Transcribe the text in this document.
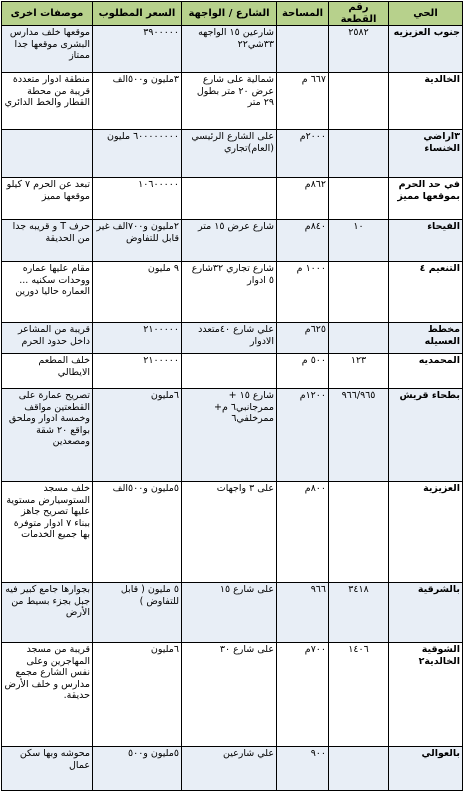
الحي	رقم القطعة	المساحة	الشارع / الواجهة	السعر المطلوب	موصفات اخرى
جنوب العزيزيه	٢٥٨٢		شارعين ١٥ الواجهه ٣٣شي٢٢	٣٩٠٠٠٠٠	موقعها خلف مدارس البشرى موقعها جدا ممتاز
الخالدية		٦٦٧ م	شمالية على شارع عرض ٢٠ متر بطول ٢٩ متر	٣مليون و٥٠٠الف	منطقة ادوار متعددة قريبة من محطة القطار والخط الدائري
٣اراضي الخنساء		٢٠٠٠م	على الشارع الرئيسي (العام)تجاري	٦٠٠٠٠٠٠٠٠ مليون	
في حد الحرم بموقعها مميز		٨٦٢م		١٠٦٠٠٠٠٠	تبعد عن الحرم ٧ كيلو موقعها مميز
الفيحاء	١٠	٨٤٠م	شارع عرض ١٥ متر	٢مليون و٧٠٠الف غير قابل للتفاوض	حرف T و قريبه جدا من الحديقة
التنعيم ٤		١٠٠٠ م	شارع تجاري ٣٢شارع ٥ ادوار	٩ مليون	مقام عليها عماره ووحدات سكنيه ... العماره حاليا دورين
مخطط العسيله		٦٢٥م	علي شارع ٤٠متعدد الادوار	٢١٠٠٠٠٠	قريبة من المشاعر داخل حدود الحرم
المحمديه	١٢٣	٥٠٠ م		٢١٠٠٠٠٠	خلف المطعم الايطالي
بطحاء قريش	٩٦٦/٩٦٥	١٢٠٠م	شارع ١٥ + ممرجانبي٦ م+ ممرخلفي٦	٦مليون	تصريح عمارة على القطعتين مواقف وخمسة ادوار وملحق بواقع ٢٠ شقة ومصعدين
العزيزية		٨٠٠م	على ٣ واجهات	٥مليون و٥٠٠الف	خلف مسجد الستوسيارض مستوية عليها تصريح جاهز ببناء ٧ ادوار متوفرة بها جميع الخدمات
بالشرقية	٣٤١٨	٩٦٦	على شارع ١٥	٥ مليون ( قابل للتفاوض )	بجوارها جامع كبير فيه جبل بجزء بسيط من الأرض
الشوقية الخالدية٢	١٤٠٦	٧٠٠م	على شارع ٣٠	٦مليون	قريبة من مسجد المهاجرين وعلى نفس الشارع مجمع مدارس و خلف الأرض حديقة.
بالعوالي		٩٠٠	علي شارعين	٥مليون و٥٠٠	محوشه وبها سكن عمال
